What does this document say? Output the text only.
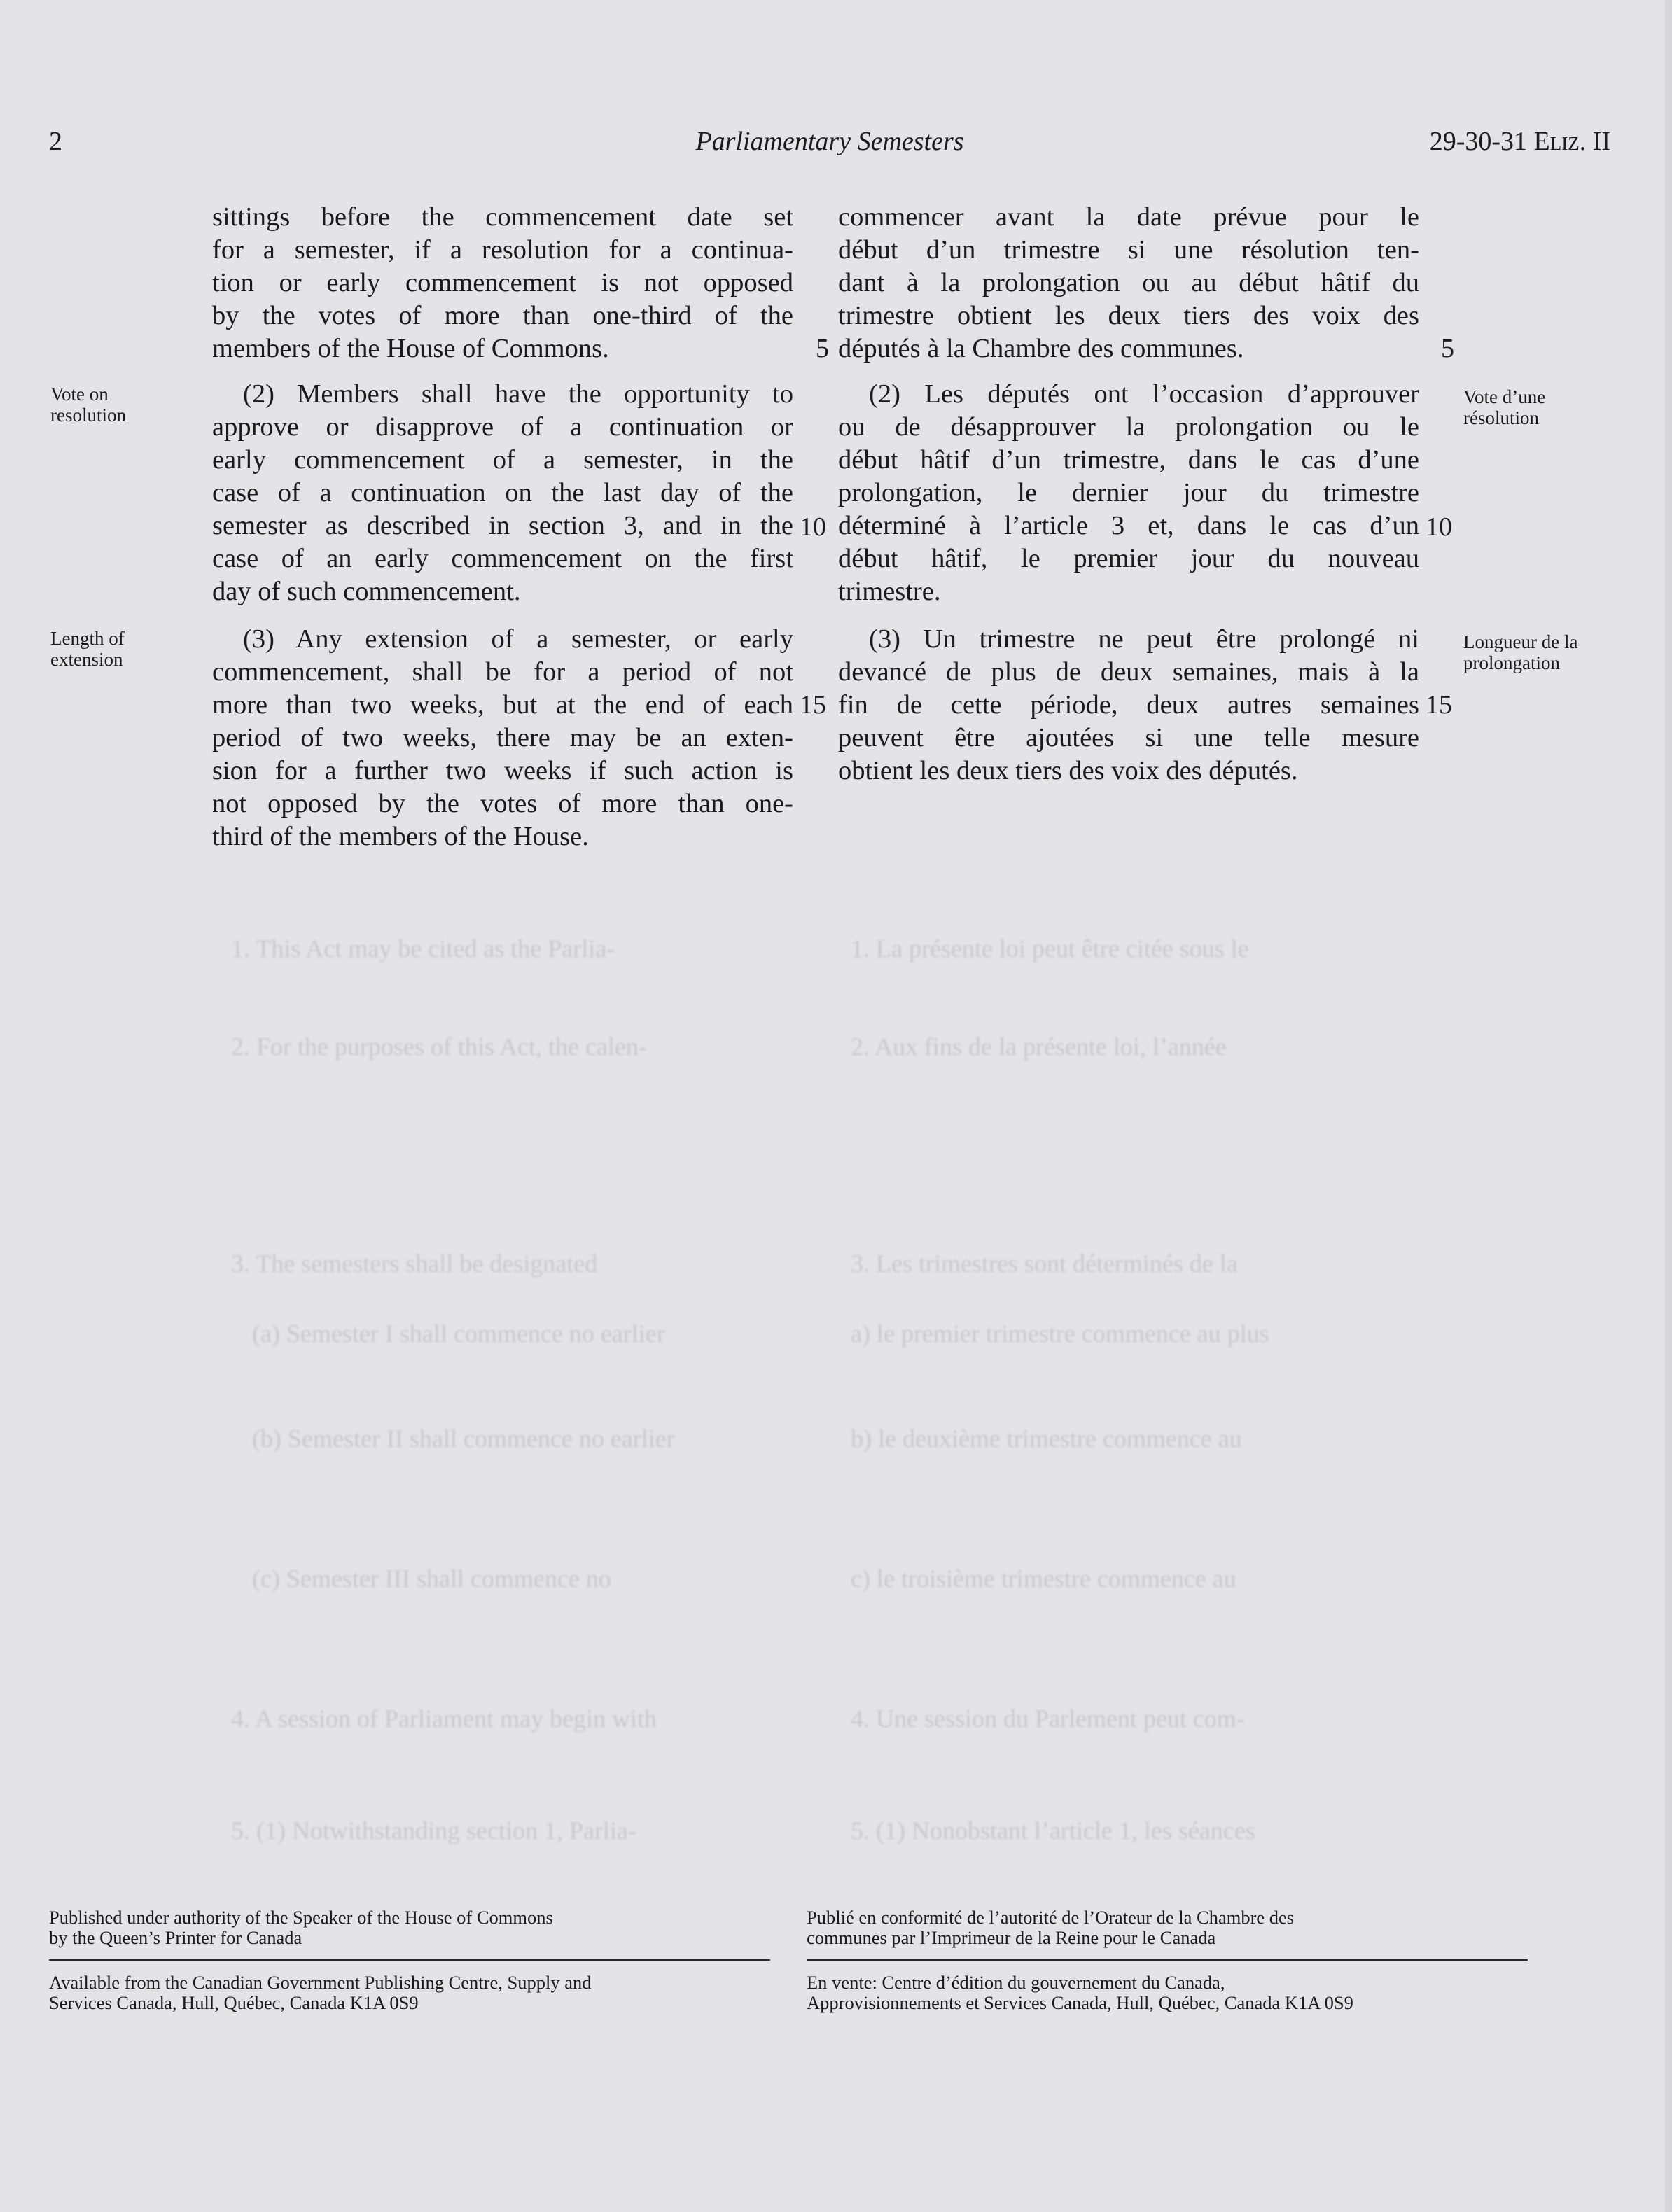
1. This Act may be cited as the Parlia-	1. La présente loi peut être citée sous le
2. For the purposes of this Act, the calen-	2. Aux fins de la présente loi, l’année
3. The semesters shall be designated	3. Les trimestres sont déterminés de la
(a) Semester I shall commence no earlier	a) le premier trimestre commence au plus
(b) Semester II shall commence no earlier	b) le deuxième trimestre commence au
(c) Semester III shall commence no	c) le troisième trimestre commence au
4. A session of Parliament may begin with	4. Une session du Parlement peut com-
5. (1) Notwithstanding section 1, Parlia-	5. (1) Nonobstant l’article 1, les séances
2	Parliamentary Semesters	29-30-31 Eliz. II

sittings before the commencement date set
for a semester, if a resolution for a continua-
tion or early commencement is not opposed
by the votes of more than one-third of the
members of the House of Commons.

(2) Members shall have the opportunity to
approve or disapprove of a continuation or
early commencement of a semester, in the
case of a continuation on the last day of the
semester as described in section 3, and in the
case of an early commencement on the first
day of such commencement.

(3) Any extension of a semester, or early
commencement, shall be for a period of not
more than two weeks, but at the end of each
period of two weeks, there may be an exten-
sion for a further two weeks if such action is
not opposed by the votes of more than one-
third of the members of the House.

commencer avant la date prévue pour le
début d’un trimestre si une résolution ten-
dant à la prolongation ou au début hâtif du
trimestre obtient les deux tiers des voix des
députés à la Chambre des communes.

(2) Les députés ont l’occasion d’approuver
ou de désapprouver la prolongation ou le
début hâtif d’un trimestre, dans le cas d’une
prolongation, le dernier jour du trimestre
déterminé à l’article 3 et, dans le cas d’un
début hâtif, le premier jour du nouveau
trimestre.

(3) Un trimestre ne peut être prolongé ni
devancé de plus de deux semaines, mais à la
fin de cette période, deux autres semaines
peuvent être ajoutées si une telle mesure
obtient les deux tiers des voix des députés.

5	5
10	10
15	15
Vote on
resolution
Length of
extension
Vote d’une
résolution
Longueur de la
prolongation
Published under authority of the Speaker of the House of Commons
by the Queen’s Printer for Canada
Available from the Canadian Government Publishing Centre, Supply and
Services Canada, Hull, Québec, Canada K1A 0S9
Publié en conformité de l’autorité de l’Orateur de la Chambre des
communes par l’Imprimeur de la Reine pour le Canada
En vente: Centre d’édition du gouvernement du Canada,
Approvisionnements et Services Canada, Hull, Québec, Canada K1A 0S9
